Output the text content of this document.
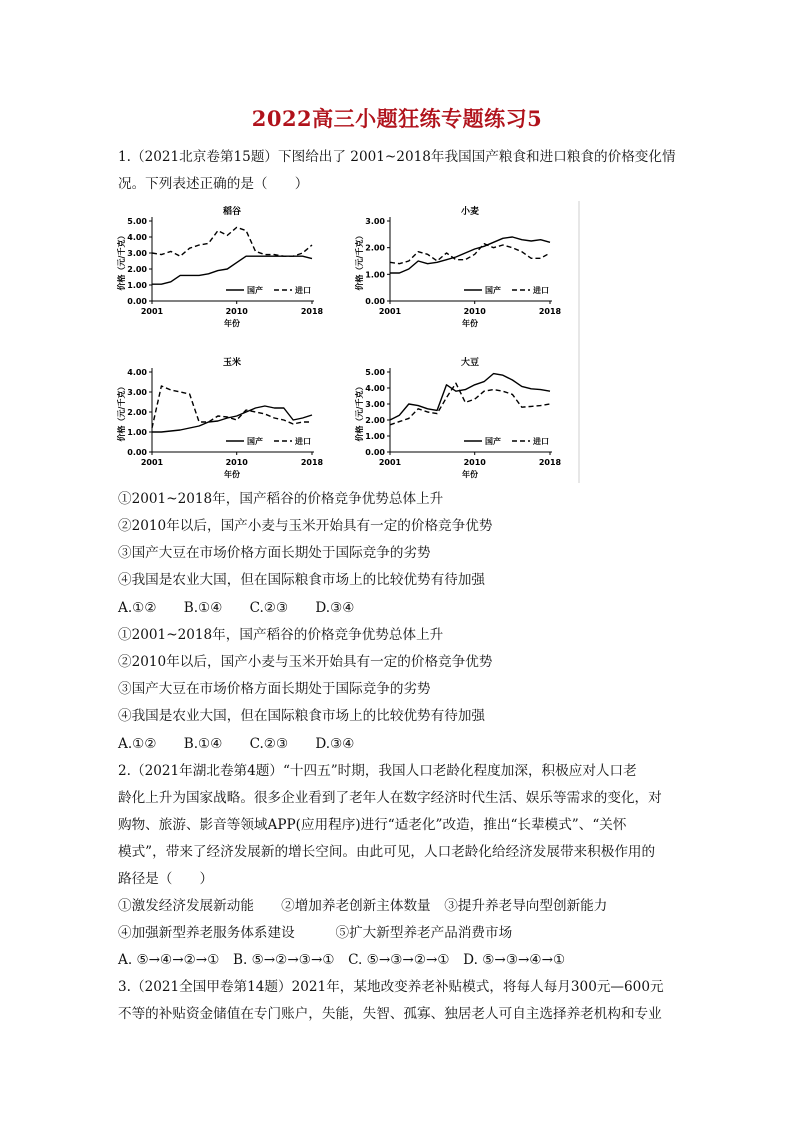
2022高三小题狂练专题练习5
1.（2021北京卷第15题）下图给出了 2001~2018年我国国产粮食和进口粮食的价格变化情
况。下列表述正确的是（　　）
稻谷
0.00
1.00
2.00
3.00
4.00
5.00
2001	2010	2018
年份
价格（元/千克）	国产	进口
小麦
0.00
1.00
2.00
3.00
2001	2010	2018
年份
价格（元/千克）	国产	进口
玉米
0.00
1.00
2.00
3.00
4.00
2001	2010	2018
年份
价格（元/千克）	国产	进口
大豆
0.00
1.00
2.00
3.00
4.00
5.00
2001	2010	2018
年份
价格（元/千克）	国产	进口
①2001~2018年，国产稻谷的价格竞争优势总体上升
②2010年以后，国产小麦与玉米开始具有一定的价格竞争优势
③国产大豆在市场价格方面长期处于国际竞争的劣势
④我国是农业大国，但在国际粮食市场上的比较优势有待加强
A.①②　　B.①④　　C.②③　　D.③④
①2001~2018年，国产稻谷的价格竞争优势总体上升
②2010年以后，国产小麦与玉米开始具有一定的价格竞争优势
③国产大豆在市场价格方面长期处于国际竞争的劣势
④我国是农业大国，但在国际粮食市场上的比较优势有待加强
A.①②　　B.①④　　C.②③　　D.③④
2.（2021年湖北卷第4题）“十四五”时期，我国人口老龄化程度加深，积极应对人口老
龄化上升为国家战略。很多企业看到了老年人在数字经济时代生活、娱乐等需求的变化，对
购物、旅游、影音等领域APP(应用程序)进行“适老化”改造，推出“长辈模式”、“关怀
模式”，带来了经济发展新的增长空间。由此可见，人口老龄化给经济发展带来积极作用的
路径是（　　）
①激发经济发展新动能　　②增加养老创新主体数量　③提升养老导向型创新能力
④加强新型养老服务体系建设　　　⑤扩大新型养老产品消费市场
A. ⑤→④→②→①　B. ⑤→②→③→①　C. ⑤→③→②→①　D. ⑤→③→④→①
3.（2021全国甲卷第14题）2021年，某地改变养老补贴模式，将每人每月300元—600元
不等的补贴资金储值在专门账户，失能，失智、孤寡、独居老人可自主选择养老机构和专业
